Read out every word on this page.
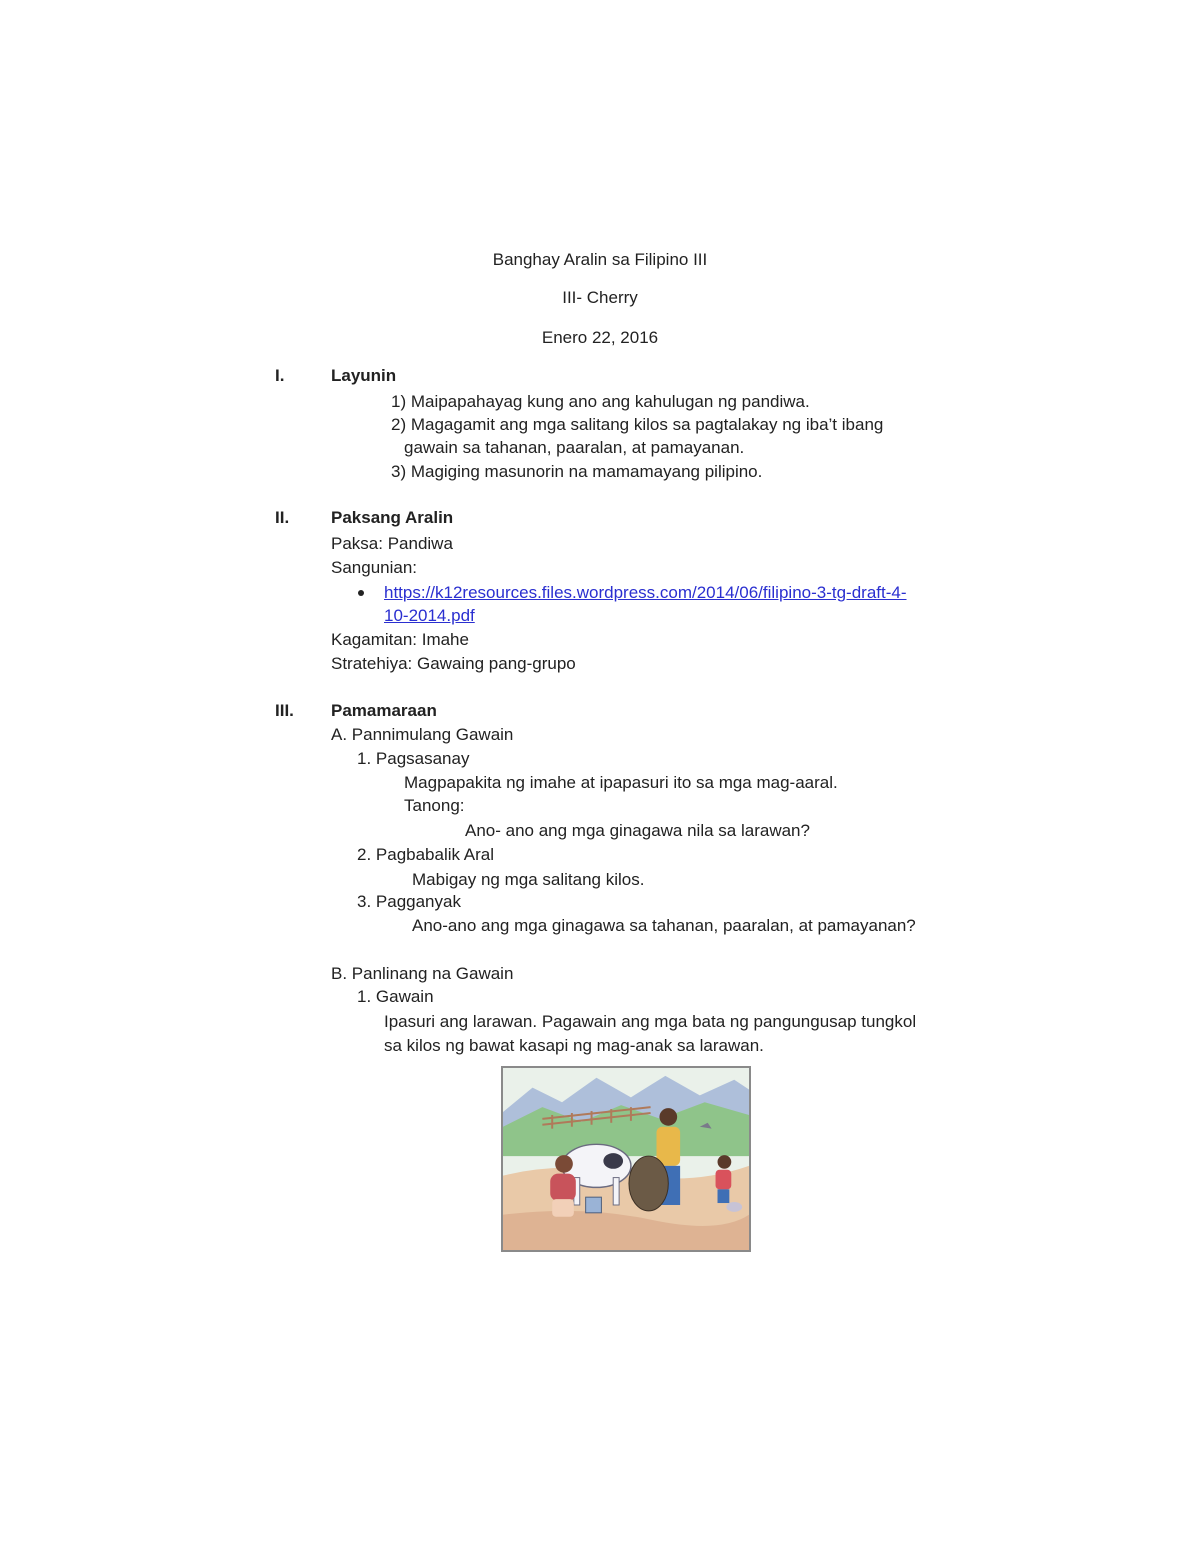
Banghay Aralin sa Filipino III
III- Cherry
Enero 22, 2016
I.	Layunin
1) Maipapahayag kung ano ang kahulugan ng pandiwa.
2) Magagamit ang mga salitang kilos sa pagtalakay ng iba’t ibang
gawain sa tahanan, paaralan, at pamayanan.
3) Magiging masunorin na mamamayang pilipino.
II. Paksang Aralin
Paksa: Pandiwa
Sangunian:
https://k12resources.files.wordpress.com/2014/06/filipino-3-tg-draft-4-
10-2014.pdf
Kagamitan: Imahe
Stratehiya: Gawaing pang-grupo
III. Pamamaraan
A. Pannimulang Gawain
1. Pagsasanay
Magpapakita ng imahe at ipapasuri ito sa mga mag-aaral.
Tanong:
Ano- ano ang mga ginagawa nila sa larawan?
2. Pagbabalik Aral
Mabigay ng mga salitang kilos.
3. Pagganyak
Ano-ano ang mga ginagawa sa tahanan, paaralan, at pamayanan?
B. Panlinang na Gawain
1. Gawain
Ipasuri ang larawan. Pagawain ang mga bata ng pangungusap tungkol
sa kilos ng bawat kasapi ng mag-anak sa larawan.
